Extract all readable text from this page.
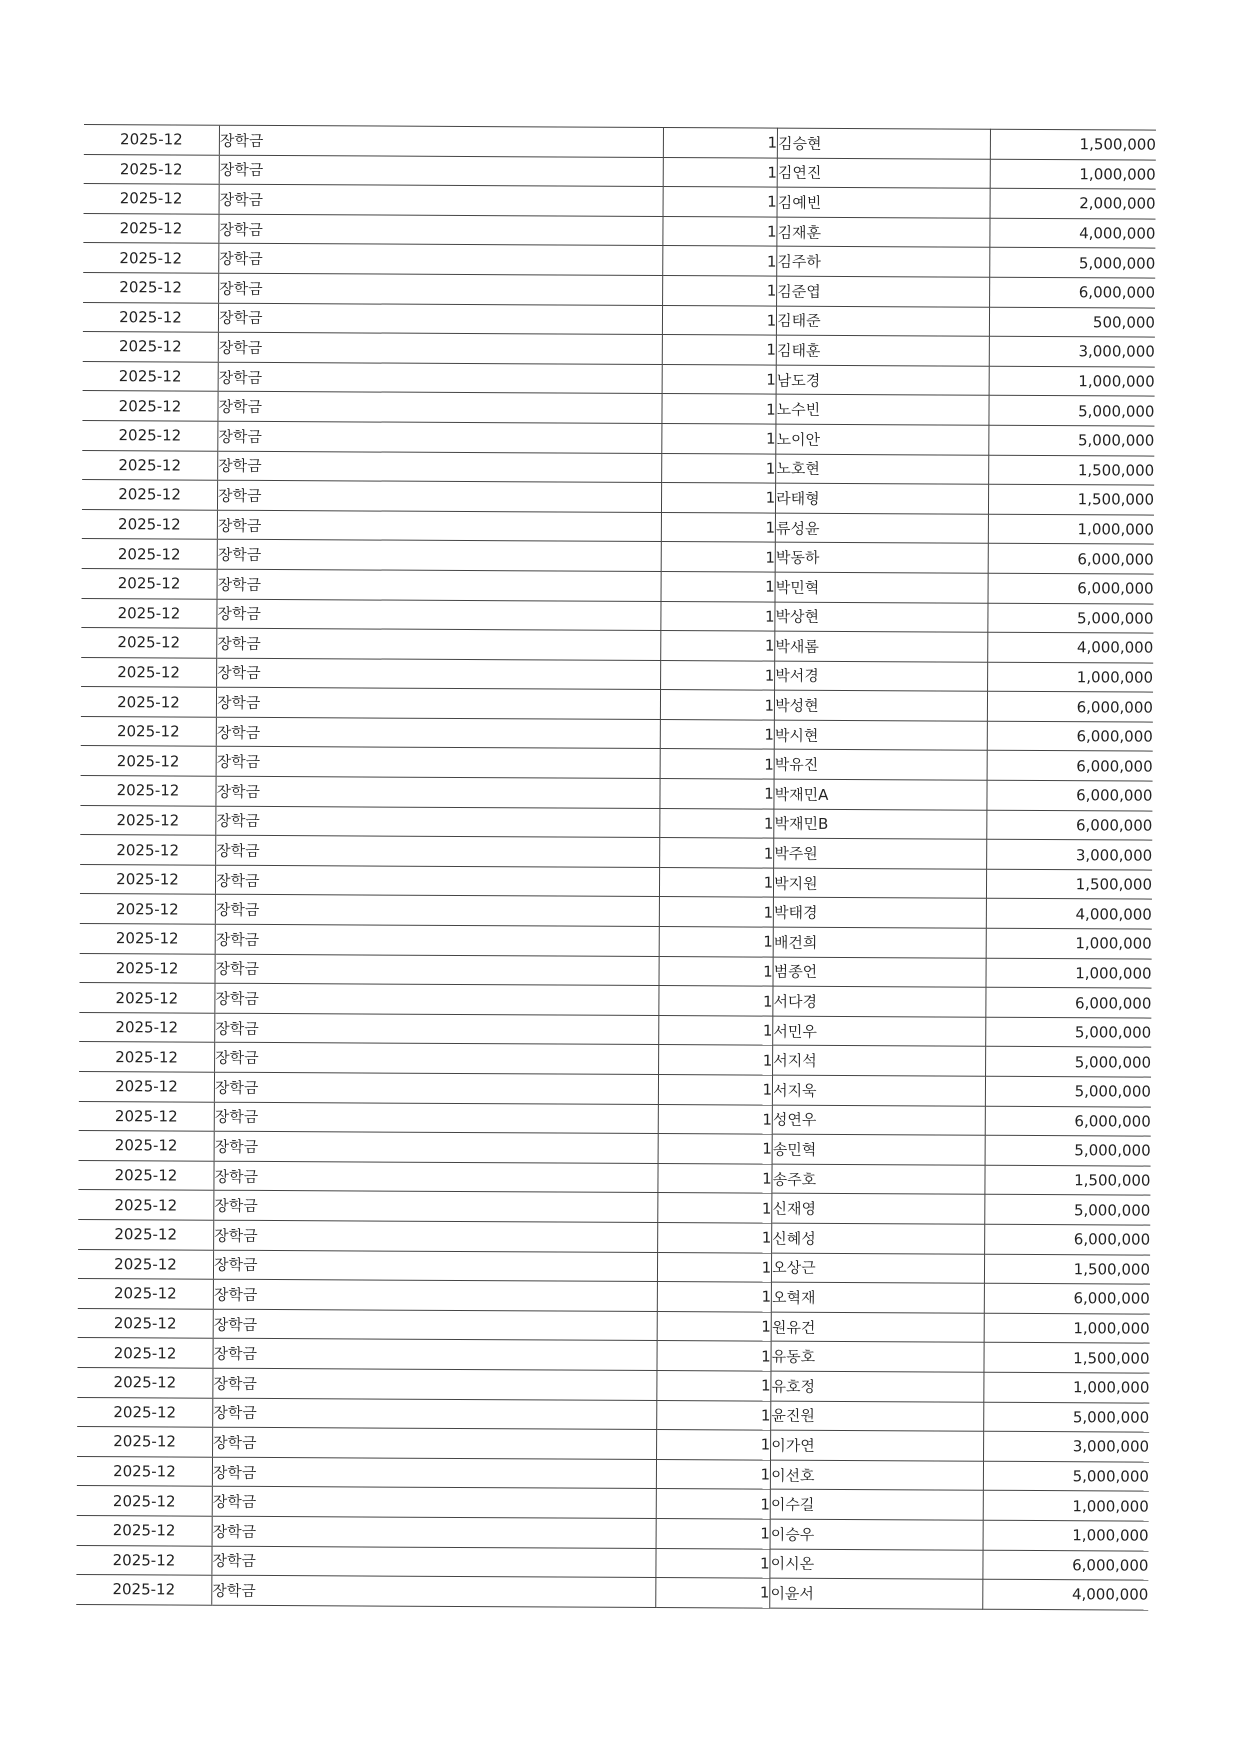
2025-12	장학금	1	김승현	1,500,000
2025-12	장학금	1	김연진	1,000,000
2025-12	장학금	1	김예빈	2,000,000
2025-12	장학금	1	김재훈	4,000,000
2025-12	장학금	1	김주하	5,000,000
2025-12	장학금	1	김준엽	6,000,000
2025-12	장학금	1	김태준	500,000
2025-12	장학금	1	김태훈	3,000,000
2025-12	장학금	1	남도경	1,000,000
2025-12	장학금	1	노수빈	5,000,000
2025-12	장학금	1	노이안	5,000,000
2025-12	장학금	1	노호현	1,500,000
2025-12	장학금	1	라태형	1,500,000
2025-12	장학금	1	류성윤	1,000,000
2025-12	장학금	1	박동하	6,000,000
2025-12	장학금	1	박민혁	6,000,000
2025-12	장학금	1	박상현	5,000,000
2025-12	장학금	1	박새롬	4,000,000
2025-12	장학금	1	박서경	1,000,000
2025-12	장학금	1	박성현	6,000,000
2025-12	장학금	1	박시현	6,000,000
2025-12	장학금	1	박유진	6,000,000
2025-12	장학금	1	박재민A	6,000,000
2025-12	장학금	1	박재민B	6,000,000
2025-12	장학금	1	박주원	3,000,000
2025-12	장학금	1	박지원	1,500,000
2025-12	장학금	1	박태경	4,000,000
2025-12	장학금	1	배건희	1,000,000
2025-12	장학금	1	범종언	1,000,000
2025-12	장학금	1	서다경	6,000,000
2025-12	장학금	1	서민우	5,000,000
2025-12	장학금	1	서지석	5,000,000
2025-12	장학금	1	서지욱	5,000,000
2025-12	장학금	1	성연우	6,000,000
2025-12	장학금	1	송민혁	5,000,000
2025-12	장학금	1	송주호	1,500,000
2025-12	장학금	1	신재영	5,000,000
2025-12	장학금	1	신혜성	6,000,000
2025-12	장학금	1	오상근	1,500,000
2025-12	장학금	1	오혁재	6,000,000
2025-12	장학금	1	원유건	1,000,000
2025-12	장학금	1	유동호	1,500,000
2025-12	장학금	1	유호정	1,000,000
2025-12	장학금	1	윤진원	5,000,000
2025-12	장학금	1	이가연	3,000,000
2025-12	장학금	1	이선호	5,000,000
2025-12	장학금	1	이수길	1,000,000
2025-12	장학금	1	이승우	1,000,000
2025-12	장학금	1	이시온	6,000,000
2025-12	장학금	1	이윤서	4,000,000
